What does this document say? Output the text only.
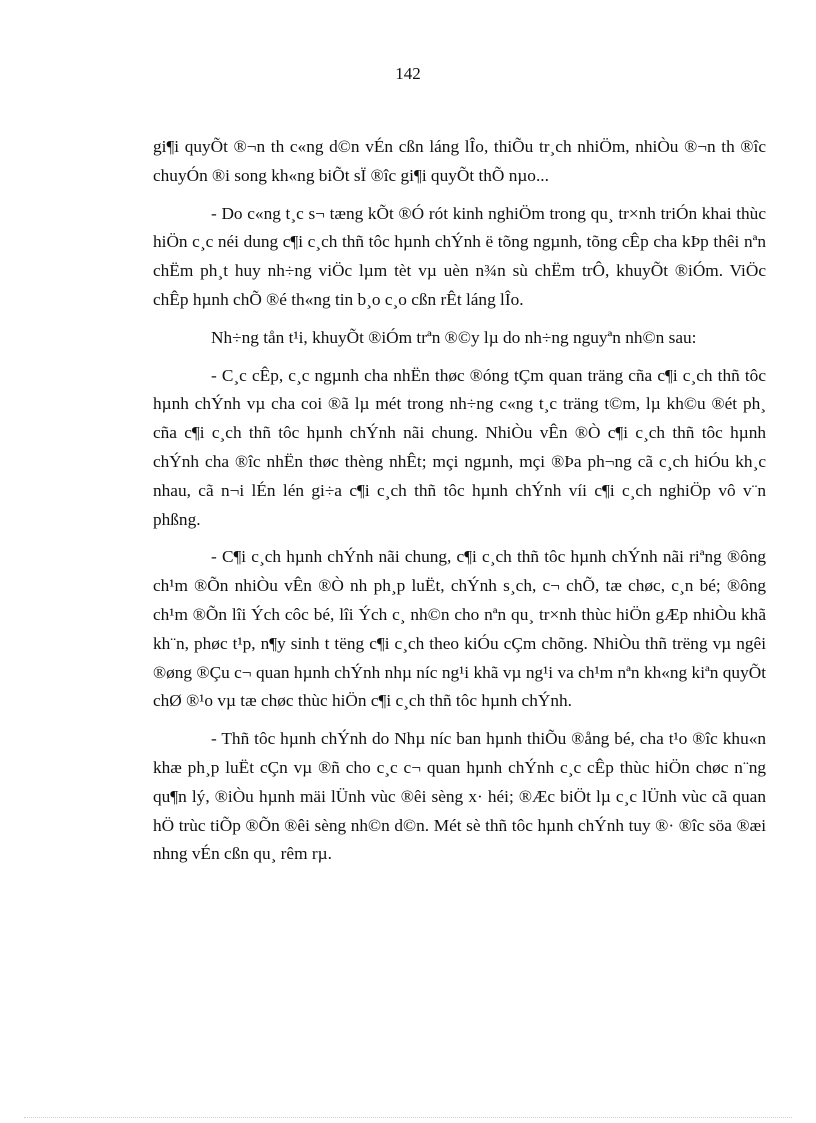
142

gi¶i quyÕt ®¬n th c«ng d©n vÉn cßn láng lÎo, thiÕu tr¸ch nhiÖm, nhiÒu ®¬n th ®îc chuyÓn ®i song kh«ng biÕt sÏ ®îc gi¶i quyÕt thÕ nµo...

- Do c«ng t¸c s¬ tæng kÕt ®Ó rót kinh nghiÖm trong qu¸ tr×nh triÓn khai thùc hiÖn c¸c néi dung c¶i c¸ch thñ tôc hµnh chÝnh ë tõng ngµnh, tõng cÊp cha kÞp thêi nªn chËm ph¸t huy nh÷ng viÖc lµm tèt vµ uèn n¾n sù chËm trÔ, khuyÕt ®iÓm. ViÖc chÊp hµnh chÕ ®é th«ng tin b¸o c¸o cßn rÊt láng lÎo.

Nh÷ng tån t¹i, khuyÕt ®iÓm trªn ®©y lµ do nh÷ng nguyªn nh©n sau:

- C¸c cÊp, c¸c ngµnh cha nhËn thøc ®óng tÇm quan träng cña c¶i c¸ch thñ tôc hµnh chÝnh vµ cha coi ®ã lµ mét trong nh÷ng c«ng t¸c träng t©m, lµ kh©u ®ét ph¸ cña c¶i c¸ch thñ tôc hµnh chÝnh nãi chung. NhiÒu vÊn ®Ò c¶i c¸ch thñ tôc hµnh chÝnh cha ®îc nhËn thøc thèng nhÊt; mçi ngµnh, mçi ®Þa ph¬ng cã c¸ch hiÓu kh¸c nhau, cã n¬i lÉn lén gi÷a c¶i c¸ch thñ tôc hµnh chÝnh víi c¶i c¸ch nghiÖp vô v¨n phßng.

- C¶i c¸ch hµnh chÝnh nãi chung, c¶i c¸ch thñ tôc hµnh chÝnh nãi riªng ®ông ch¹m ®Õn nhiÒu vÊn ®Ò nh ph¸p luËt, chÝnh s¸ch, c¬ chÕ, tæ chøc, c¸n bé; ®ông ch¹m ®Õn lîi Ých côc bé, lîi Ých c¸ nh©n cho nªn qu¸ tr×nh thùc hiÖn gÆp nhiÒu khã kh¨n, phøc t¹p, n¶y sinh t tëng c¶i c¸ch theo kiÓu cÇm chõng. NhiÒu thñ trëng vµ ngêi ®øng ®Çu c¬ quan hµnh chÝnh nhµ níc ng¹i khã vµ ng¹i va ch¹m nªn kh«ng kiªn quyÕt chØ ®¹o vµ tæ chøc thùc hiÖn c¶i c¸ch thñ tôc hµnh chÝnh.

- Thñ tôc hµnh chÝnh do Nhµ níc ban hµnh thiÕu ®ång bé, cha t¹o ®îc khu«n khæ ph¸p luËt cÇn vµ ®ñ cho c¸c c¬ quan hµnh chÝnh c¸c cÊp thùc hiÖn chøc n¨ng qu¶n lý, ®iÒu hµnh mäi lÜnh vùc ®êi sèng x· héi; ®Æc biÖt lµ c¸c lÜnh vùc cã quan hÖ trùc tiÕp ®Õn ®êi sèng nh©n d©n. Mét sè thñ tôc hµnh chÝnh tuy ®· ®îc söa ®æi nhng vÉn cßn qu¸ rêm rµ.
